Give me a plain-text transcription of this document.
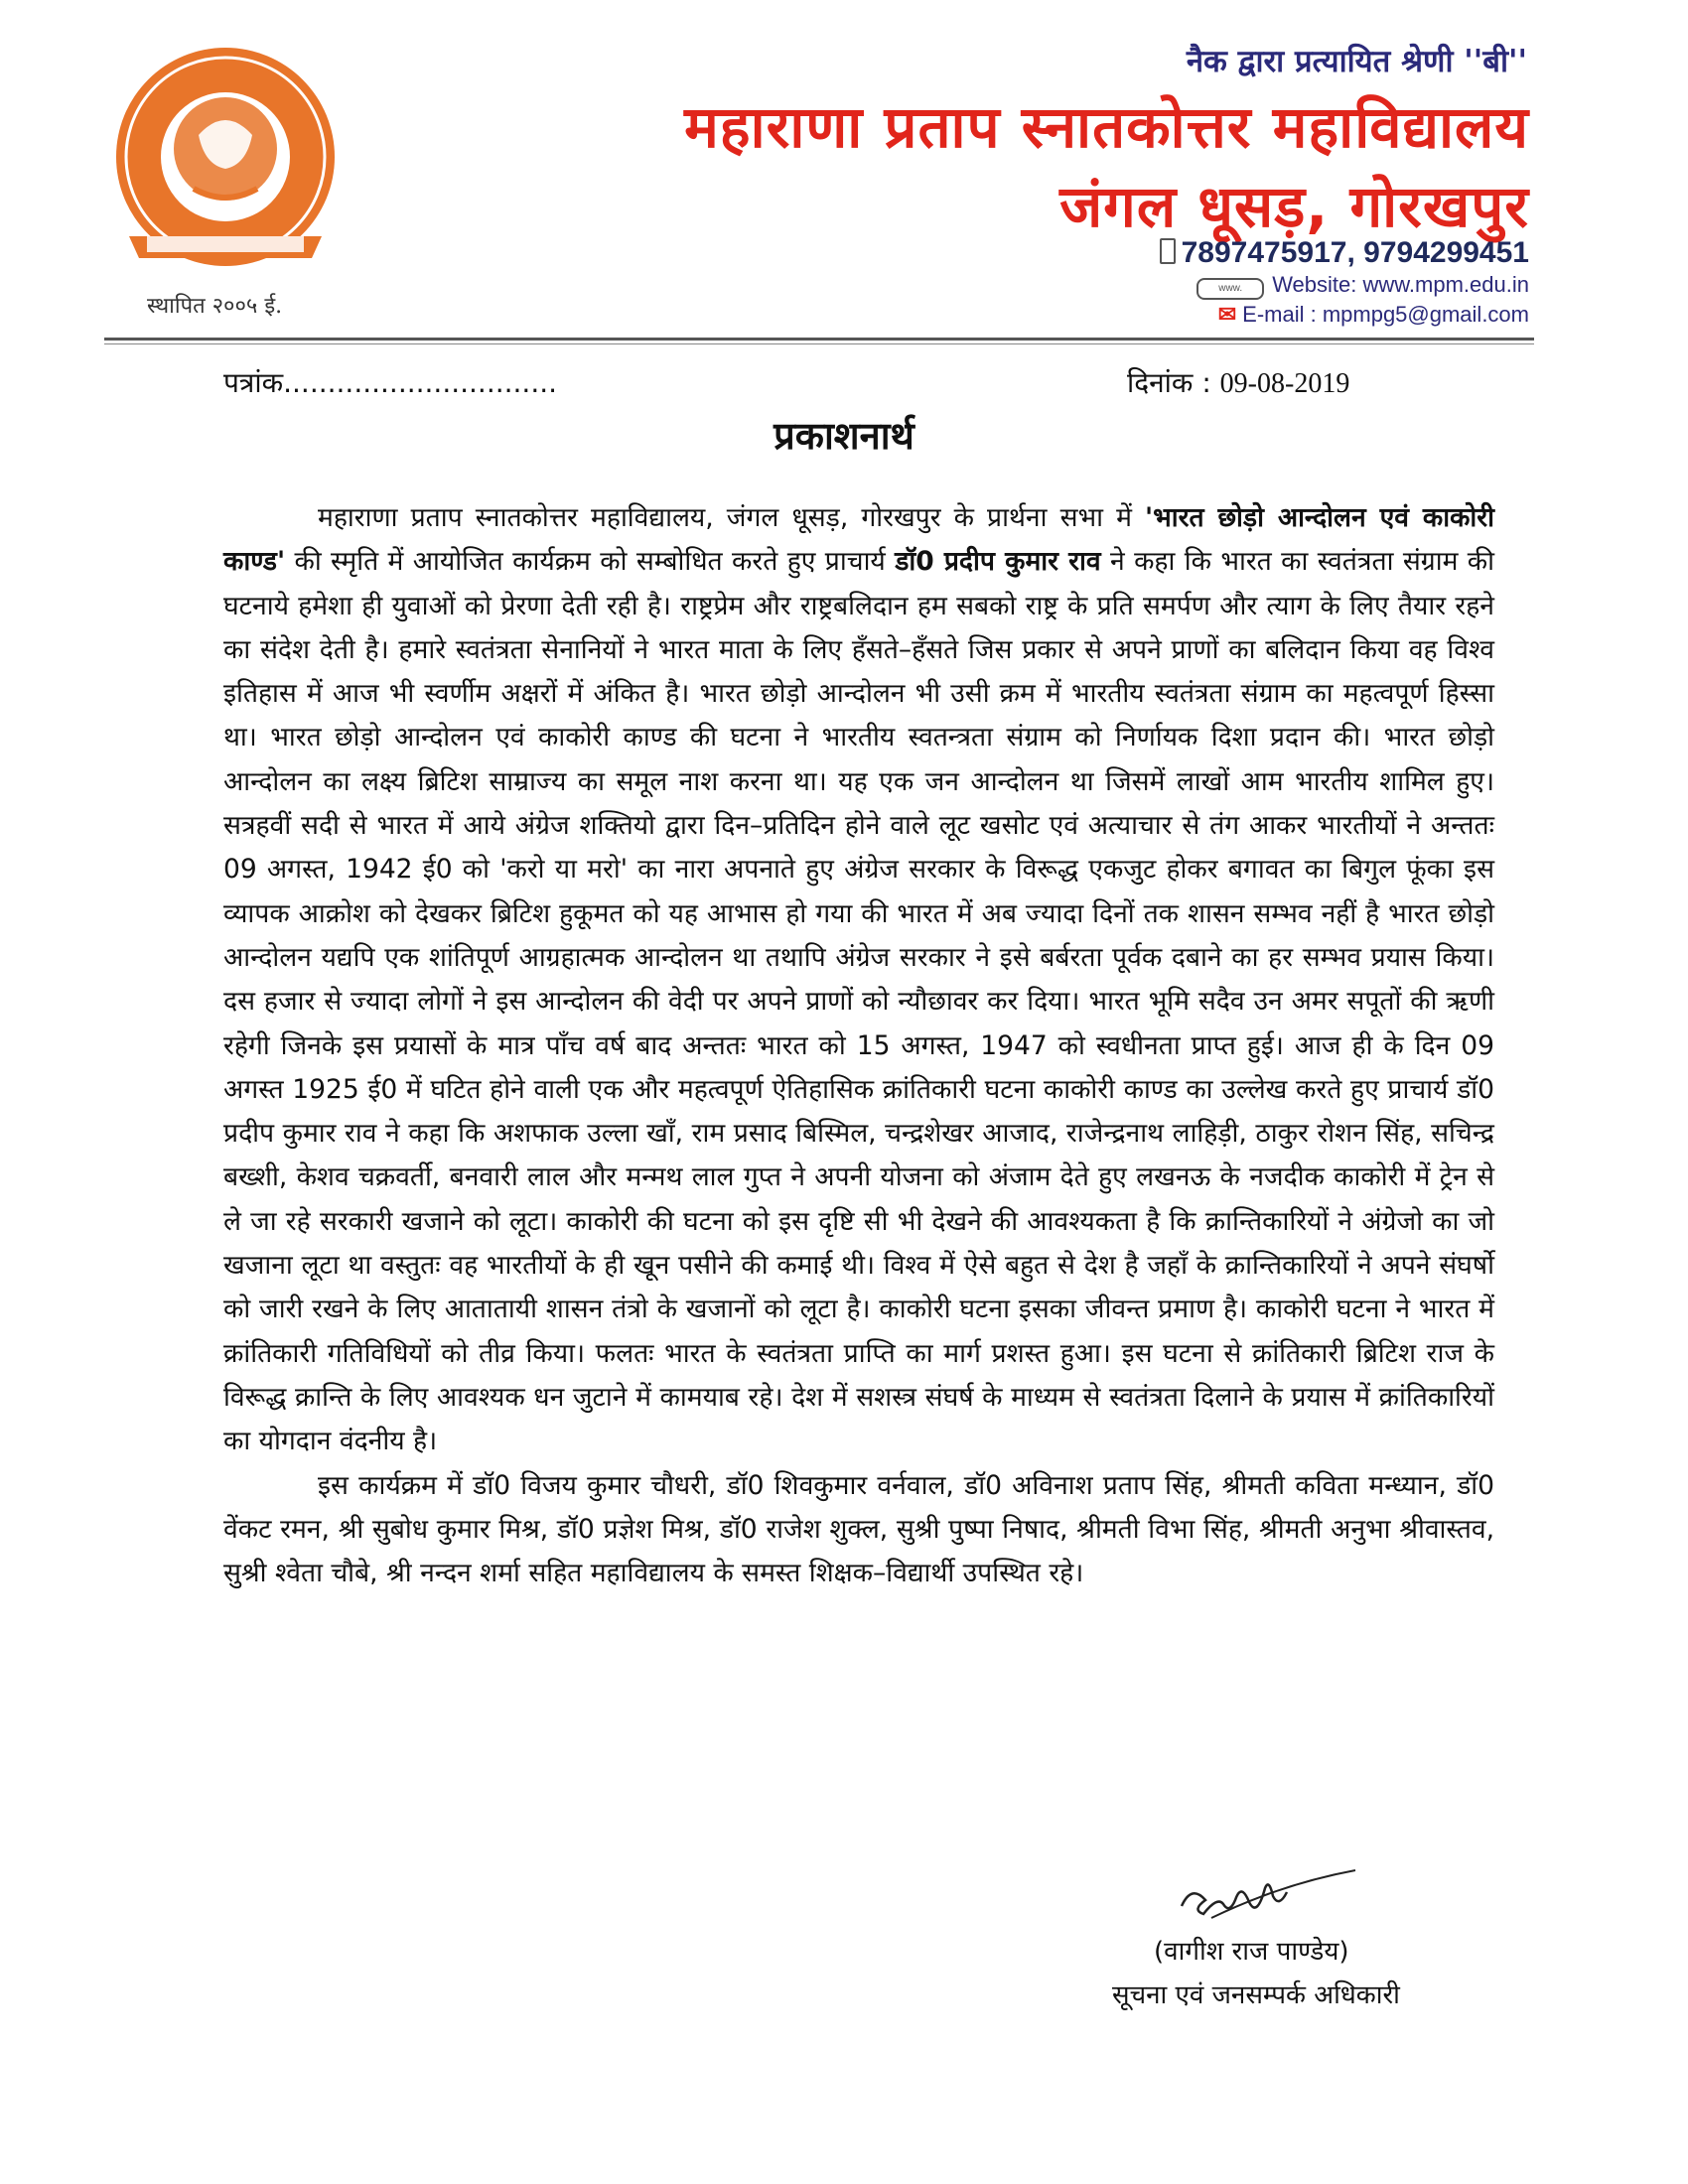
स्थापित २००५ ई.
नैक द्वारा प्रत्यायित श्रेणी ''बी''
महाराणा प्रताप स्नातकोत्तर महाविद्यालय
जंगल धूसड़, गोरखपुर
7897475917, 9794299451
www. Website: www.mpm.edu.in
✉ E-mail : mpmpg5@gmail.com
पत्रांक...............................	दिनांक : 09-08-2019
प्रकाशनार्थ

महाराणा प्रताप स्नातकोत्तर महाविद्यालय, जंगल धूसड़, गोरखपुर के प्रार्थना सभा में 'भारत छोड़ो आन्दोलन एवं काकोरी काण्ड' की स्मृति में आयोजित कार्यक्रम को सम्बोधित करते हुए प्राचार्य डॉ0 प्रदीप कुमार राव ने कहा कि भारत का स्वतंत्रता संग्राम की घटनाये हमेशा ही युवाओं को प्रेरणा देती रही है। राष्ट्रप्रेम और राष्ट्रबलिदान हम सबको राष्ट्र के प्रति समर्पण और त्याग के लिए तैयार रहने का संदेश देती है। हमारे स्वतंत्रता सेनानियों ने भारत माता के लिए हँसते–हँसते जिस प्रकार से अपने प्राणों का बलिदान किया वह विश्व इतिहास में आज भी स्वर्णीम अक्षरों में अंकित है। भारत छोड़ो आन्दोलन भी उसी क्रम में भारतीय स्वतंत्रता संग्राम का महत्वपूर्ण हिस्सा था। भारत छोड़ो आन्दोलन एवं काकोरी काण्ड की घटना ने भारतीय स्वतन्त्रता संग्राम को निर्णायक दिशा प्रदान की। भारत छोड़ो आन्दोलन का लक्ष्य ब्रिटिश साम्राज्य का समूल नाश करना था। यह एक जन आन्दोलन था जिसमें लाखों आम भारतीय शामिल हुए। सत्रहवीं सदी से भारत में आये अंग्रेज शक्तियो द्वारा दिन–प्रतिदिन होने वाले लूट खसोट एवं अत्याचार से तंग आकर भारतीयों ने अन्ततः 09 अगस्त, 1942 ई0 को 'करो या मरो' का नारा अपनाते हुए अंग्रेज सरकार के विरूद्ध एकजुट होकर बगावत का बिगुल फूंका इस व्यापक आक्रोश को देखकर ब्रिटिश हुकूमत को यह आभास हो गया की भारत में अब ज्यादा दिनों तक शासन सम्भव नहीं है भारत छोड़ो आन्दोलन यद्यपि एक शांतिपूर्ण आग्रहात्मक आन्दोलन था तथापि अंग्रेज सरकार ने इसे बर्बरता पूर्वक दबाने का हर सम्भव प्रयास किया। दस हजार से ज्यादा लोगों ने इस आन्दोलन की वेदी पर अपने प्राणों को न्यौछावर कर दिया। भारत भूमि सदैव उन अमर सपूतों की ऋणी रहेगी जिनके इस प्रयासों के मात्र पाँच वर्ष बाद अन्ततः भारत को 15 अगस्त, 1947 को स्वधीनता प्राप्त हुई। आज ही के दिन 09 अगस्त 1925 ई0 में घटित होने वाली एक और महत्वपूर्ण ऐतिहासिक क्रांतिकारी घटना काकोरी काण्ड का उल्लेख करते हुए प्राचार्य डॉ0 प्रदीप कुमार राव ने कहा कि अशफाक उल्ला खाँ, राम प्रसाद बिस्मिल, चन्द्रशेखर आजाद, राजेन्द्रनाथ लाहिड़ी, ठाकुर रोशन सिंह, सचिन्द्र बख्शी, केशव चक्रवर्ती, बनवारी लाल और मन्मथ लाल गुप्त ने अपनी योजना को अंजाम देते हुए लखनऊ के नजदीक काकोरी में ट्रेन से ले जा रहे सरकारी खजाने को लूटा। काकोरी की घटना को इस दृष्टि सी भी देखने की आवश्यकता है कि क्रान्तिकारियों ने अंग्रेजो का जो खजाना लूटा था वस्तुतः वह भारतीयों के ही खून पसीने की कमाई थी। विश्व में ऐसे बहुत से देश है जहाँ के क्रान्तिकारियों ने अपने संघर्षो को जारी रखने के लिए आतातायी शासन तंत्रो के खजानों को लूटा है। काकोरी घटना इसका जीवन्त प्रमाण है। काकोरी घटना ने भारत में क्रांतिकारी गतिविधियों को तीव्र किया। फलतः भारत के स्वतंत्रता प्राप्ति का मार्ग प्रशस्त हुआ। इस घटना से क्रांतिकारी ब्रिटिश राज के विरूद्ध क्रान्ति के लिए आवश्यक धन जुटाने में कामयाब रहे। देश में सशस्त्र संघर्ष के माध्यम से स्वतंत्रता दिलाने के प्रयास में क्रांतिकारियों का योगदान वंदनीय है।

इस कार्यक्रम में डॉ0 विजय कुमार चौधरी, डॉ0 शिवकुमार वर्नवाल, डॉ0 अविनाश प्रताप सिंह, श्रीमती कविता मन्ध्यान, डॉ0 वेंकट रमन, श्री सुबोध कुमार मिश्र, डॉ0 प्रज्ञेश मिश्र, डॉ0 राजेश शुक्ल, सुश्री पुष्पा निषाद, श्रीमती विभा सिंह, श्रीमती अनुभा श्रीवास्तव, सुश्री श्वेता चौबे, श्री नन्दन शर्मा सहित महाविद्यालय के समस्त शिक्षक–विद्यार्थी उपस्थित रहे।

(वागीश राज पाण्डेय)
सूचना एवं जनसम्पर्क अधिकारी
